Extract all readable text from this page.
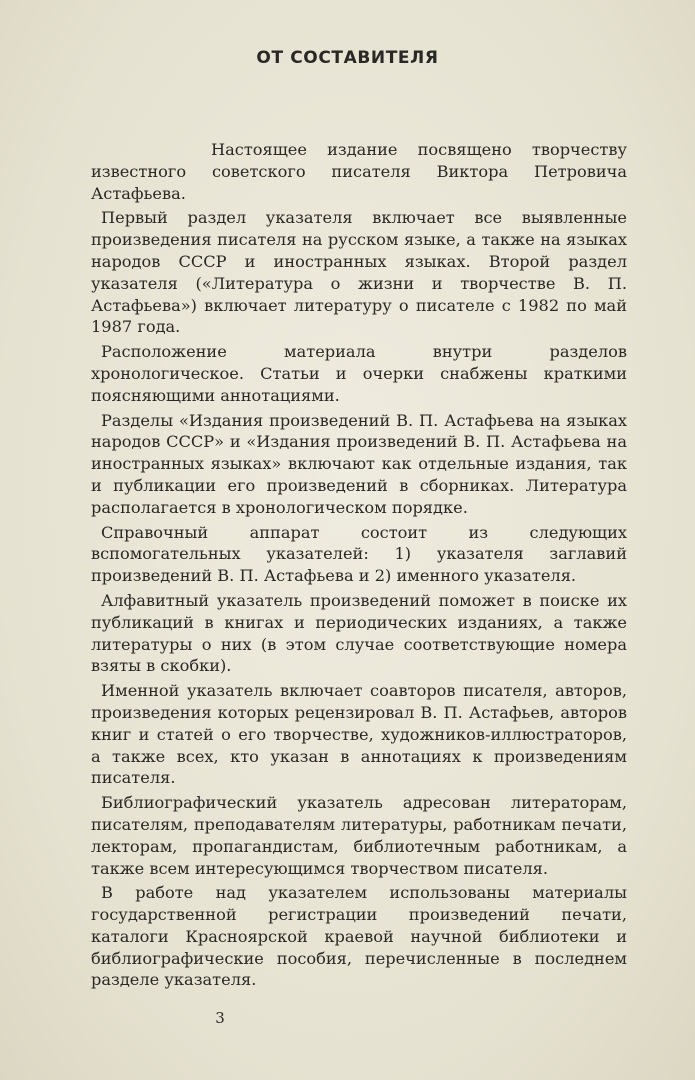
ОТ СОСТАВИТЕЛЯ

Настоящее издание посвящено творчеству известного советского писателя Виктора Петровича Астафьева.

Первый раздел указателя включает все выявленные произведения писателя на русском языке, а также на языках народов СССР и иностранных языках. Второй раздел указателя («Литература о жизни и творчестве В. П. Астафьева») включает литературу о писателе с 1982 по май 1987 года.

Расположение материала внутри разделов хронологическое. Статьи и очерки снабжены краткими поясняющими аннотациями.

Разделы «Издания произведений В. П. Астафьева на языках народов СССР» и «Издания произведений В. П. Астафьева на иностранных языках» включают как отдельные издания, так и публикации его произведений в сборниках. Литература располагается в хронологическом порядке.

Справочный аппарат состоит из следующих вспомогательных указателей: 1) указателя заглавий произведений В. П. Астафьева и 2) именного указателя.

Алфавитный указатель произведений поможет в поиске их публикаций в книгах и периодических изданиях, а также литературы о них (в этом случае соответствующие номера взяты в скобки).

Именной указатель включает соавторов писателя, авторов, произведения которых рецензировал В. П. Астафьев, авторов книг и статей о его творчестве, художников-иллюстраторов, а также всех, кто указан в аннотациях к произведениям писателя.

Библиографический указатель адресован литераторам, писателям, преподавателям литературы, работникам печати, лекторам, пропагандистам, библиотечным работникам, а также всем интересующимся творчеством писателя.

В работе над указателем использованы материалы государственной регистрации произведений печати, каталоги Красноярской краевой научной библиотеки и библиографические пособия, перечисленные в последнем разделе указателя.

3
